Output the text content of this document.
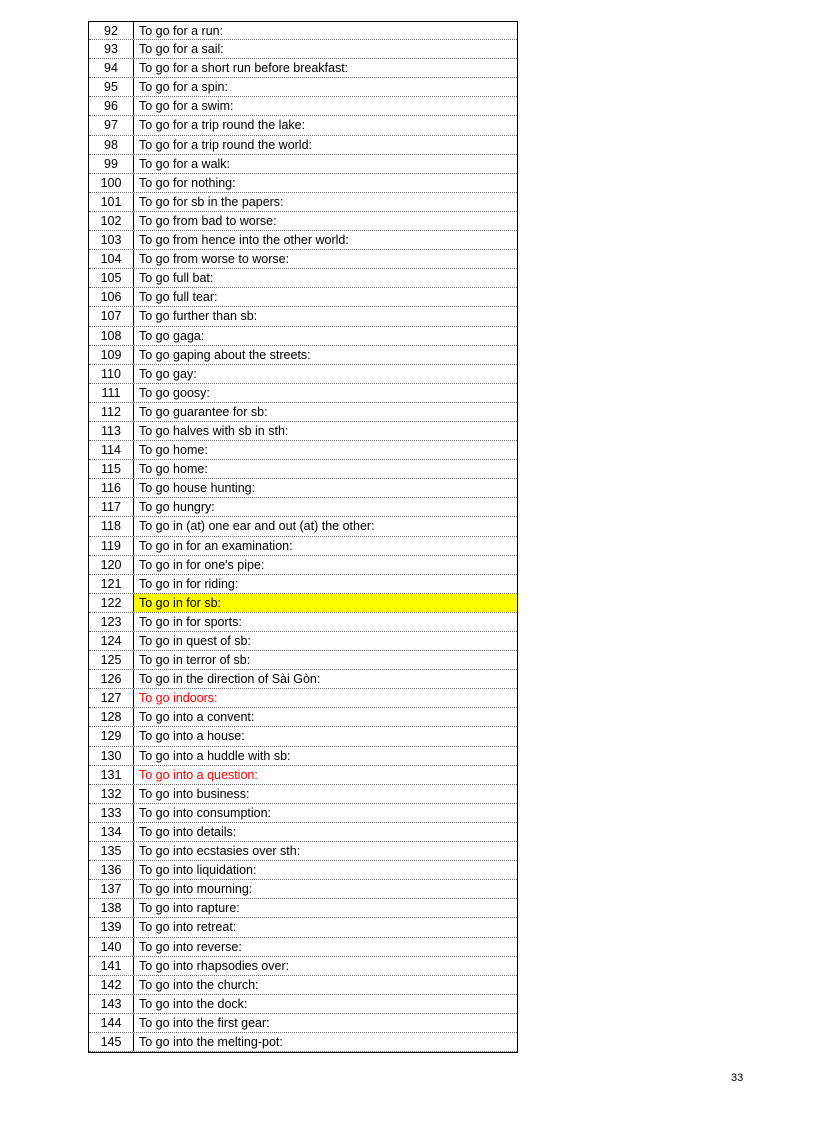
92	To go for a run:
93	To go for a sail:
94	To go for a short run before breakfast:
95	To go for a spin:
96	To go for a swim:
97	To go for a trip round the lake:
98	To go for a trip round the world:
99	To go for a walk:
100	To go for nothing:
101	To go for sb in the papers:
102	To go from bad to worse:
103	To go from hence into the other world:
104	To go from worse to worse:
105	To go full bat:
106	To go full tear:
107	To go further than sb:
108	To go gaga:
109	To go gaping about the streets:
110	To go gay:
111	To go goosy:
112	To go guarantee for sb:
113	To go halves with sb in sth:
114	To go home:
115	To go home:
116	To go house hunting:
117	To go hungry:
118	To go in (at) one ear and out (at) the other:
119	To go in for an examination:
120	To go in for one's pipe:
121	To go in for riding:
122	To go in for sb:
123	To go in for sports:
124	To go in quest of sb:
125	To go in terror of sb:
126	To go in the direction of Sài Gòn:
127	To go indoors:
128	To go into a convent:
129	To go into a house:
130	To go into a huddle with sb:
131	To go into a question:
132	To go into business:
133	To go into consumption:
134	To go into details:
135	To go into ecstasies over sth:
136	To go into liquidation:
137	To go into mourning:
138	To go into rapture:
139	To go into retreat:
140	To go into reverse:
141	To go into rhapsodies over:
142	To go into the church:
143	To go into the dock:
144	To go into the first gear:
145	To go into the melting-pot:
33
